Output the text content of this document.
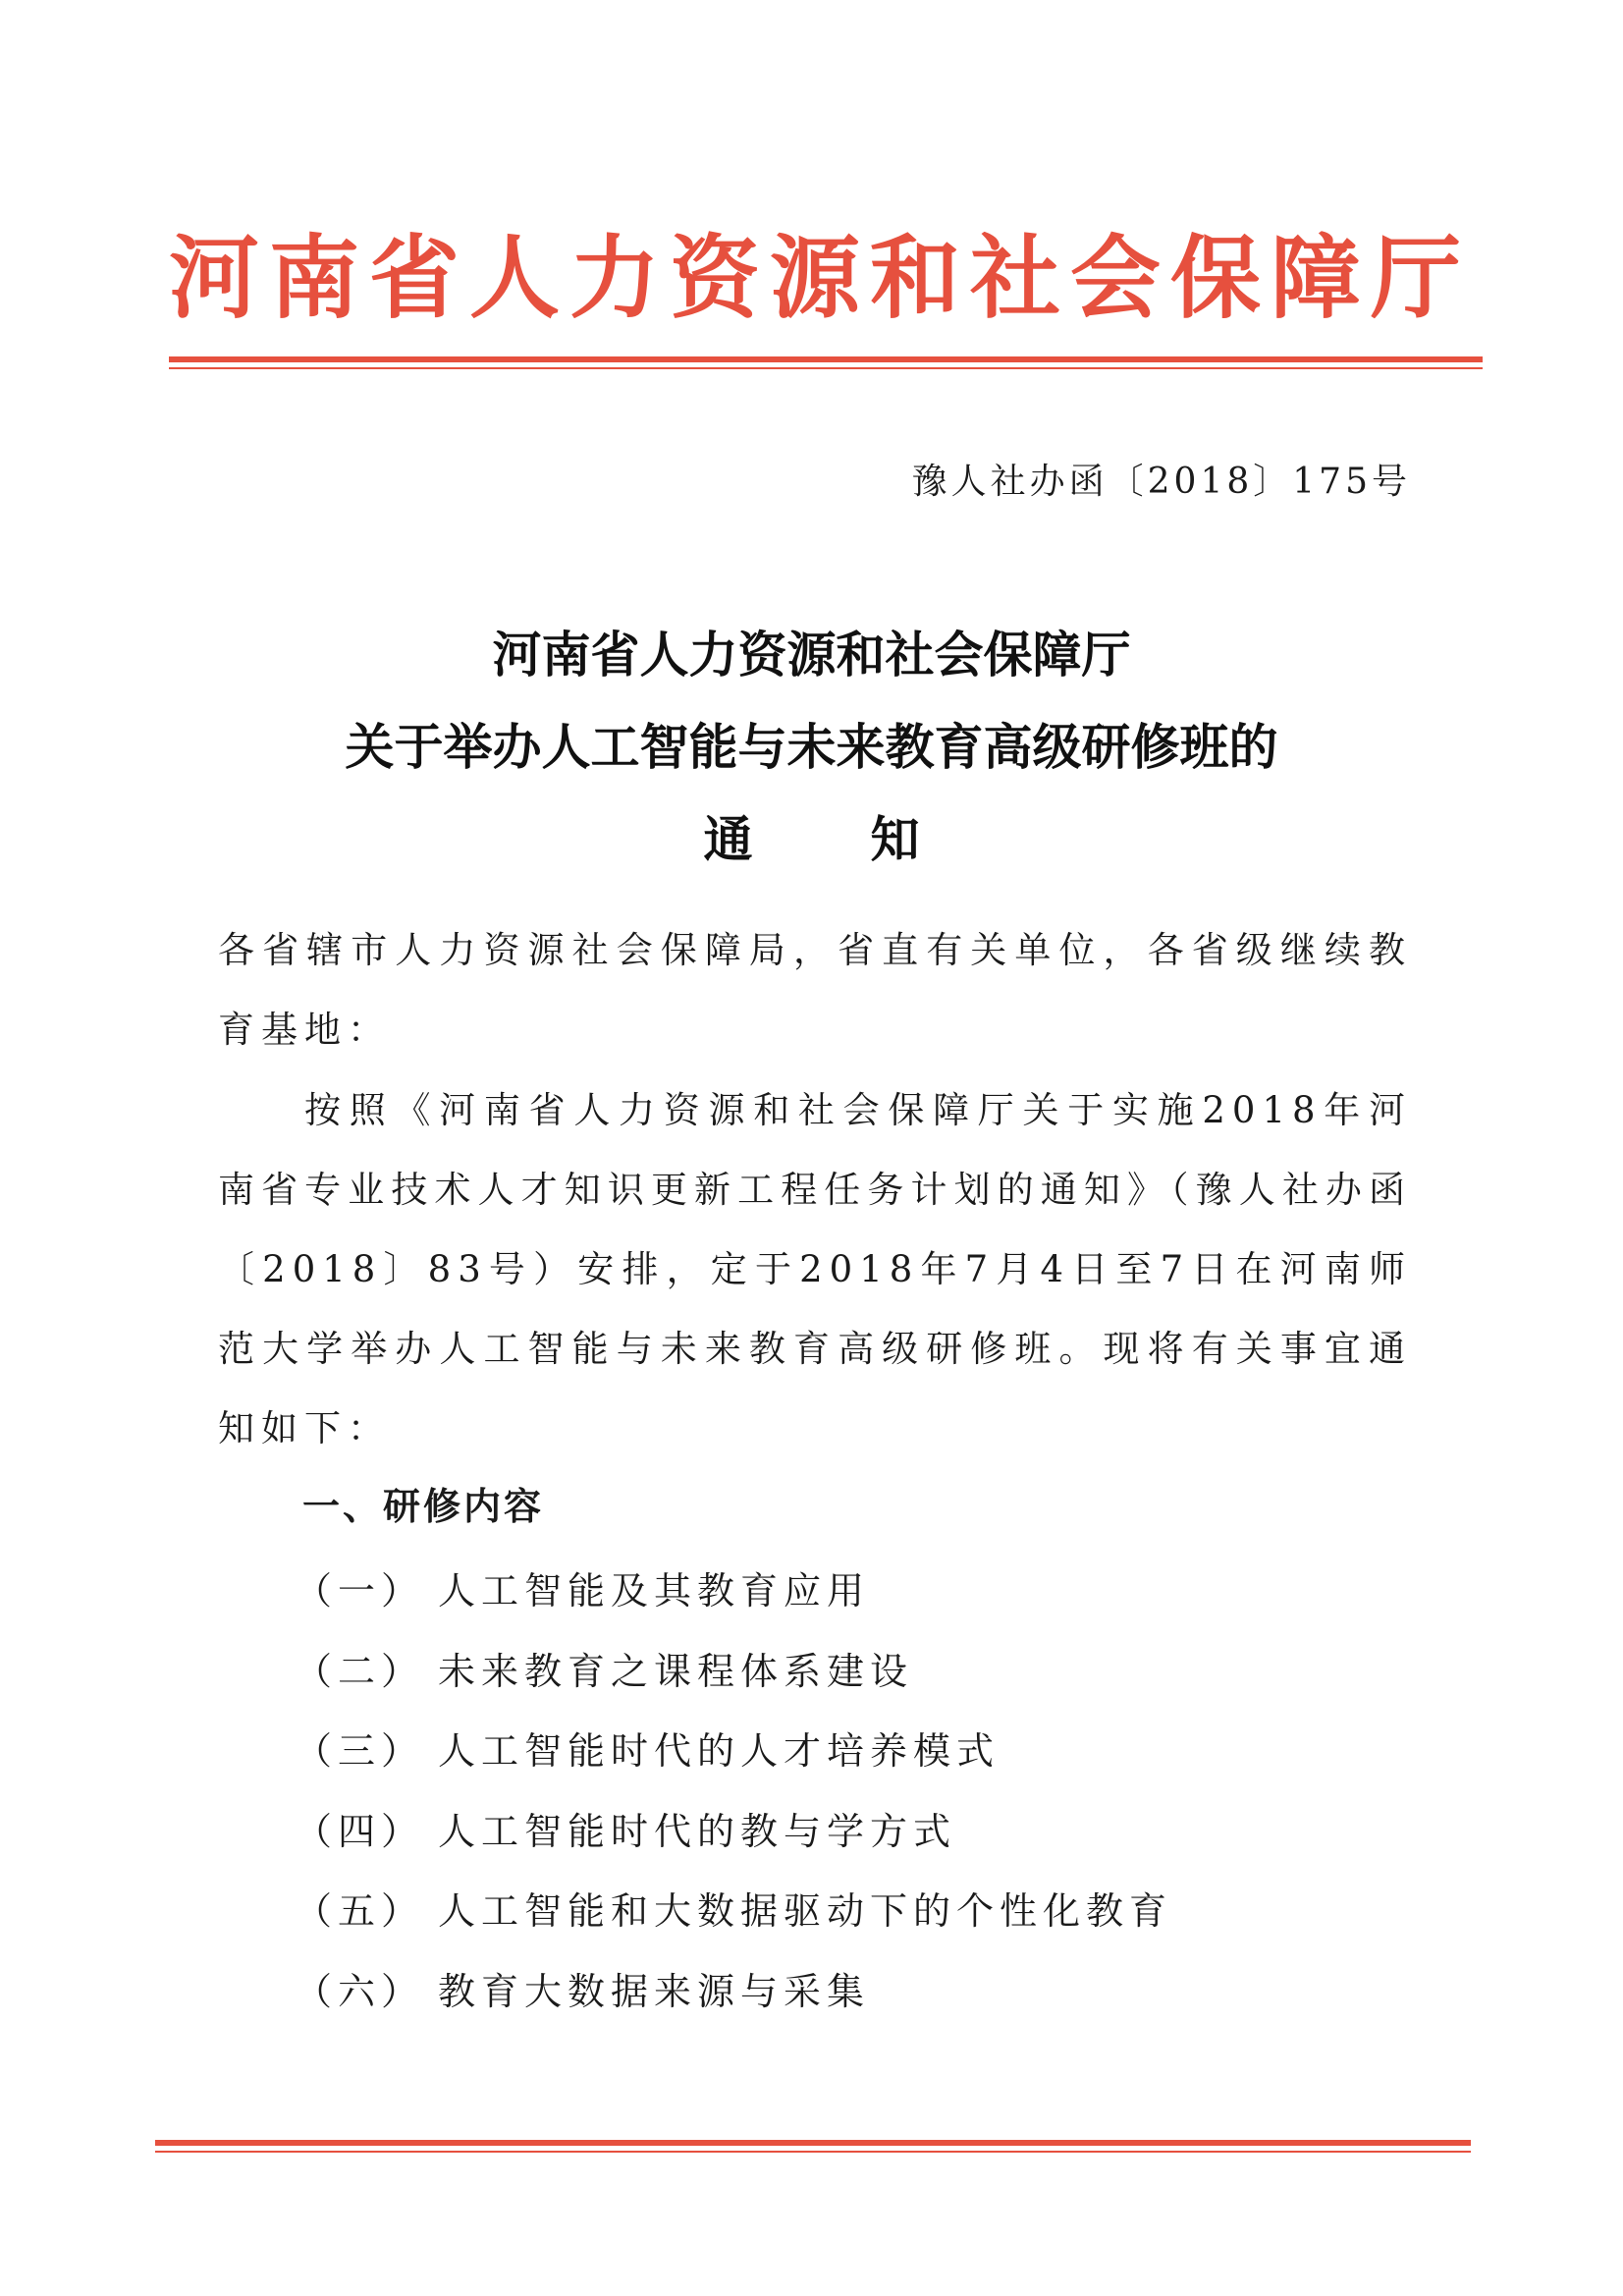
河南省人力资源和社会保障厅
豫人社办函〔2018〕175号
河南省人力资源和社会保障厅
关于举办人工智能与未来教育高级研修班的
通知
各省辖市人力资源社会保障局，省直有关单位，各省级继续教育基地：
按照《河南省人力资源和社会保障厅关于实施2018年河南省专业技术人才知识更新工程任务计划的通知》（豫人社办函〔2018〕83号）安排，定于2018年7月4日至7日在河南师范大学举办人工智能与未来教育高级研修班。现将有关事宜通知如下：
一、研修内容
（一） 人工智能及其教育应用
（二） 未来教育之课程体系建设
（三） 人工智能时代的人才培养模式
（四） 人工智能时代的教与学方式
（五） 人工智能和大数据驱动下的个性化教育
（六） 教育大数据来源与采集
